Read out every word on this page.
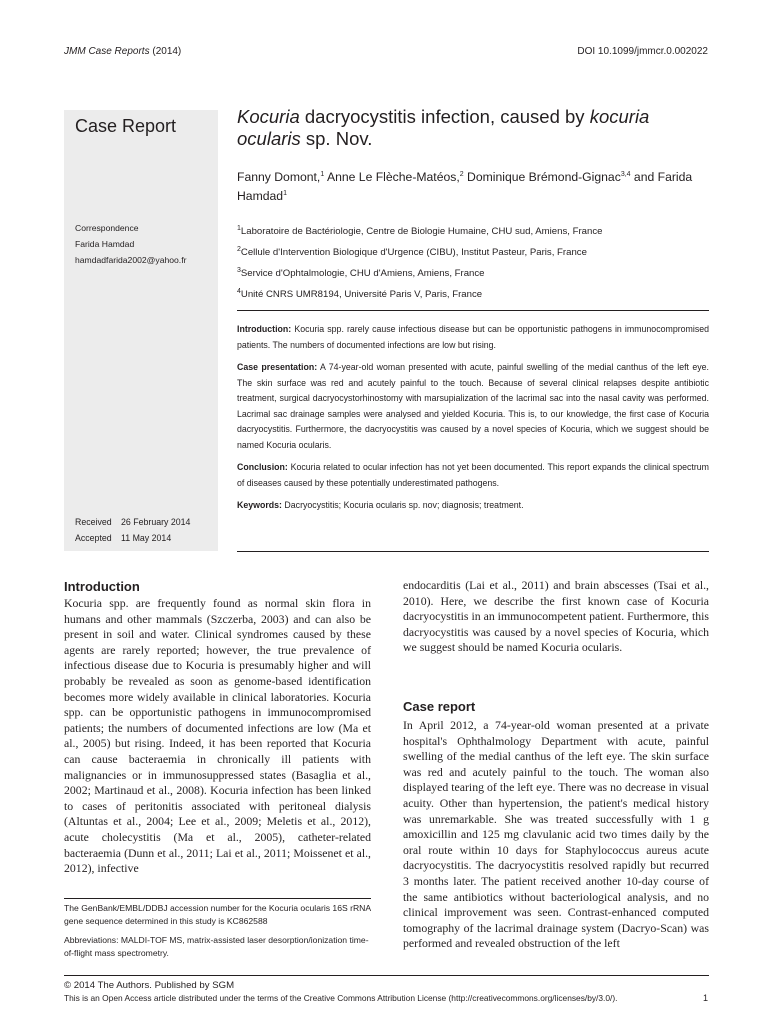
JMM Case Reports (2014)	DOI 10.1099/jmmcr.0.002022
Case Report
Correspondence
Farida Hamdad
hamdadfarida2002@yahoo.fr
Received 26 February 2014
Accepted 11 May 2014
Kocuria dacryocystitis infection, caused by kocuria ocularis sp. Nov.
Fanny Domont,$^1$ Anne Le Flèche-Matéos,$^2$ Dominique Brémond-Gignac$^{3,4}$ and Farida Hamdad$^1$
$^1$Laboratoire de Bactériologie, Centre de Biologie Humaine, CHU sud, Amiens, France
$^2$Cellule d'Intervention Biologique d'Urgence (CIBU), Institut Pasteur, Paris, France
$^3$Service d'Ophtalmologie, CHU d'Amiens, Amiens, France
$^4$Unité CNRS UMR8194, Université Paris V, Paris, France

Introduction: Kocuria spp. rarely cause infectious disease but can be opportunistic pathogens in immunocompromised patients. The numbers of documented infections are low but rising.

Case presentation: A 74-year-old woman presented with acute, painful swelling of the medial canthus of the left eye. The skin surface was red and acutely painful to the touch. Because of several clinical relapses despite antibiotic treatment, surgical dacryocystorhinostomy with marsupialization of the lacrimal sac into the nasal cavity was performed. Lacrimal sac drainage samples were analysed and yielded Kocuria. This is, to our knowledge, the first case of Kocuria dacryocystitis. Furthermore, the dacryocystitis was caused by a novel species of Kocuria, which we suggest should be named Kocuria ocularis.

Conclusion: Kocuria related to ocular infection has not yet been documented. This report expands the clinical spectrum of diseases caused by these potentially underestimated pathogens.

Keywords: Dacryocystitis; Kocuria ocularis sp. nov; diagnosis; treatment.

Introduction
Kocuria spp. are frequently found as normal skin flora in humans and other mammals (Szczerba, 2003) and can also be present in soil and water. Clinical syndromes caused by these agents are rarely reported; however, the true prevalence of infectious disease due to Kocuria is presumably higher and will probably be revealed as soon as genome-based identification becomes more widely available in clinical laboratories. Kocuria spp. can be opportunistic pathogens in immunocompromised patients; the numbers of documented infections are low (Ma et al., 2005) but rising. Indeed, it has been reported that Kocuria can cause bacteraemia in chronically ill patients with malignancies or in immunosuppressed states (Basaglia et al., 2002; Martinaud et al., 2008). Kocuria infection has been linked to cases of peritonitis associated with peritoneal dialysis (Altuntas et al., 2004; Lee et al., 2009; Meletis et al., 2012), acute cholecystitis (Ma et al., 2005), catheter-related bacteraemia (Dunn et al., 2011; Lai et al., 2011; Moissenet et al., 2012), infective
endocarditis (Lai et al., 2011) and brain abscesses (Tsai et al., 2010). Here, we describe the first known case of Kocuria dacryocystitis in an immunocompetent patient. Furthermore, this dacryocystitis was caused by a novel species of Kocuria, which we suggest should be named Kocuria ocularis.
Case report
In April 2012, a 74-year-old woman presented at a private hospital's Ophthalmology Department with acute, painful swelling of the medial canthus of the left eye. The skin surface was red and acutely painful to the touch. The woman also displayed tearing of the left eye. There was no decrease in visual acuity. Other than hypertension, the patient's medical history was unremarkable. She was treated successfully with 1 g amoxicillin and 125 mg clavulanic acid two times daily by the oral route within 10 days for Staphylococcus aureus acute dacryocystitis. The dacryocystitis resolved rapidly but recurred 3 months later. The patient received another 10-day course of the same antibiotics without bacteriological analysis, and no clinical improvement was seen. Contrast-enhanced computed tomography of the lacrimal drainage system (Dacryo-Scan) was performed and revealed obstruction of the left

The GenBank/EMBL/DDBJ accession number for the Kocuria ocularis 16S rRNA gene sequence determined in this study is KC862588

Abbreviations: MALDI-TOF MS, matrix-assisted laser desorption/ionization time-of-flight mass spectrometry.

© 2014 The Authors. Published by SGM
This is an Open Access article distributed under the terms of the Creative Commons Attribution License (http://creativecommons.org/licenses/by/3.0/).	1
